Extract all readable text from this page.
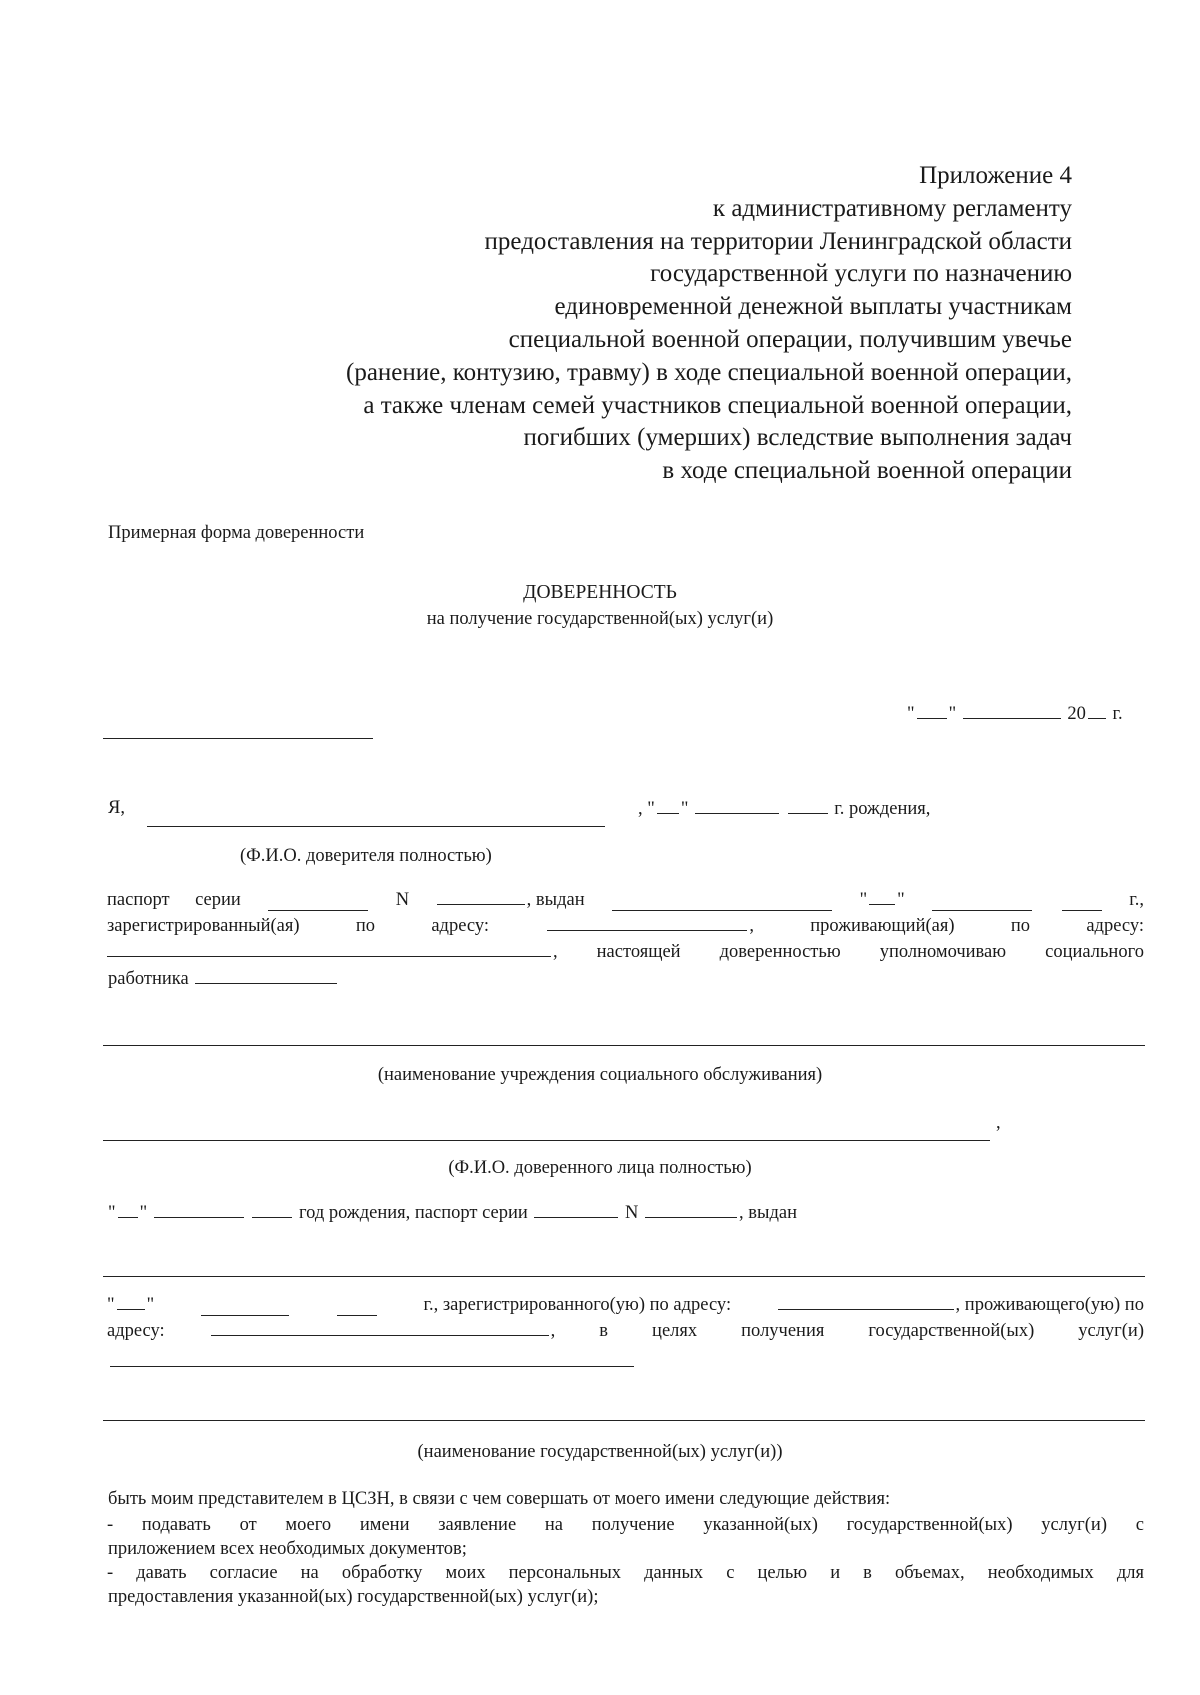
Приложение 4
к административному регламенту
предоставления на территории Ленинградской области
государственной услуги по назначению
единовременной денежной выплаты участникам
специальной военной операции, получившим увечье
(ранение, контузию, травму) в ходе специальной военной операции,
а также членам семей участников специальной военной операции,
погибших (умерших) вследствие выполнения задач
в ходе специальной военной операции
Примерная форма доверенности
ДОВЕРЕННОСТЬ
на получение государственной(ых) услуг(и)
" "	20 г.
Я,	, " "	г. рождения,
(Ф.И.О. доверителя полностью)
паспорт серии	N	, выдан	" "	г.,
зарегистрированный(ая)	по	адресу:	,	проживающий(ая)	по	адресу:
, настоящей доверенностью уполномочиваю социального
работника
(наименование учреждения социального обслуживания)
,
(Ф.И.О. доверенного лица полностью)
" "	год рождения, паспорт серии	N	, выдан
" "	г., зарегистрированного(ую) по адресу:	, проживающего(ую) по
адресу:	, в целях получения государственной(ых) услуг(и)
(наименование государственной(ых) услуг(и))
быть моим представителем в ЦСЗН, в связи с чем совершать от моего имени следующие действия:
- подавать от моего имени заявление на получение указанной(ых) государственной(ых) услуг(и) с
приложением всех необходимых документов;
- давать согласие на обработку моих персональных данных с целью и в объемах, необходимых для
предоставления указанной(ых) государственной(ых) услуг(и);
